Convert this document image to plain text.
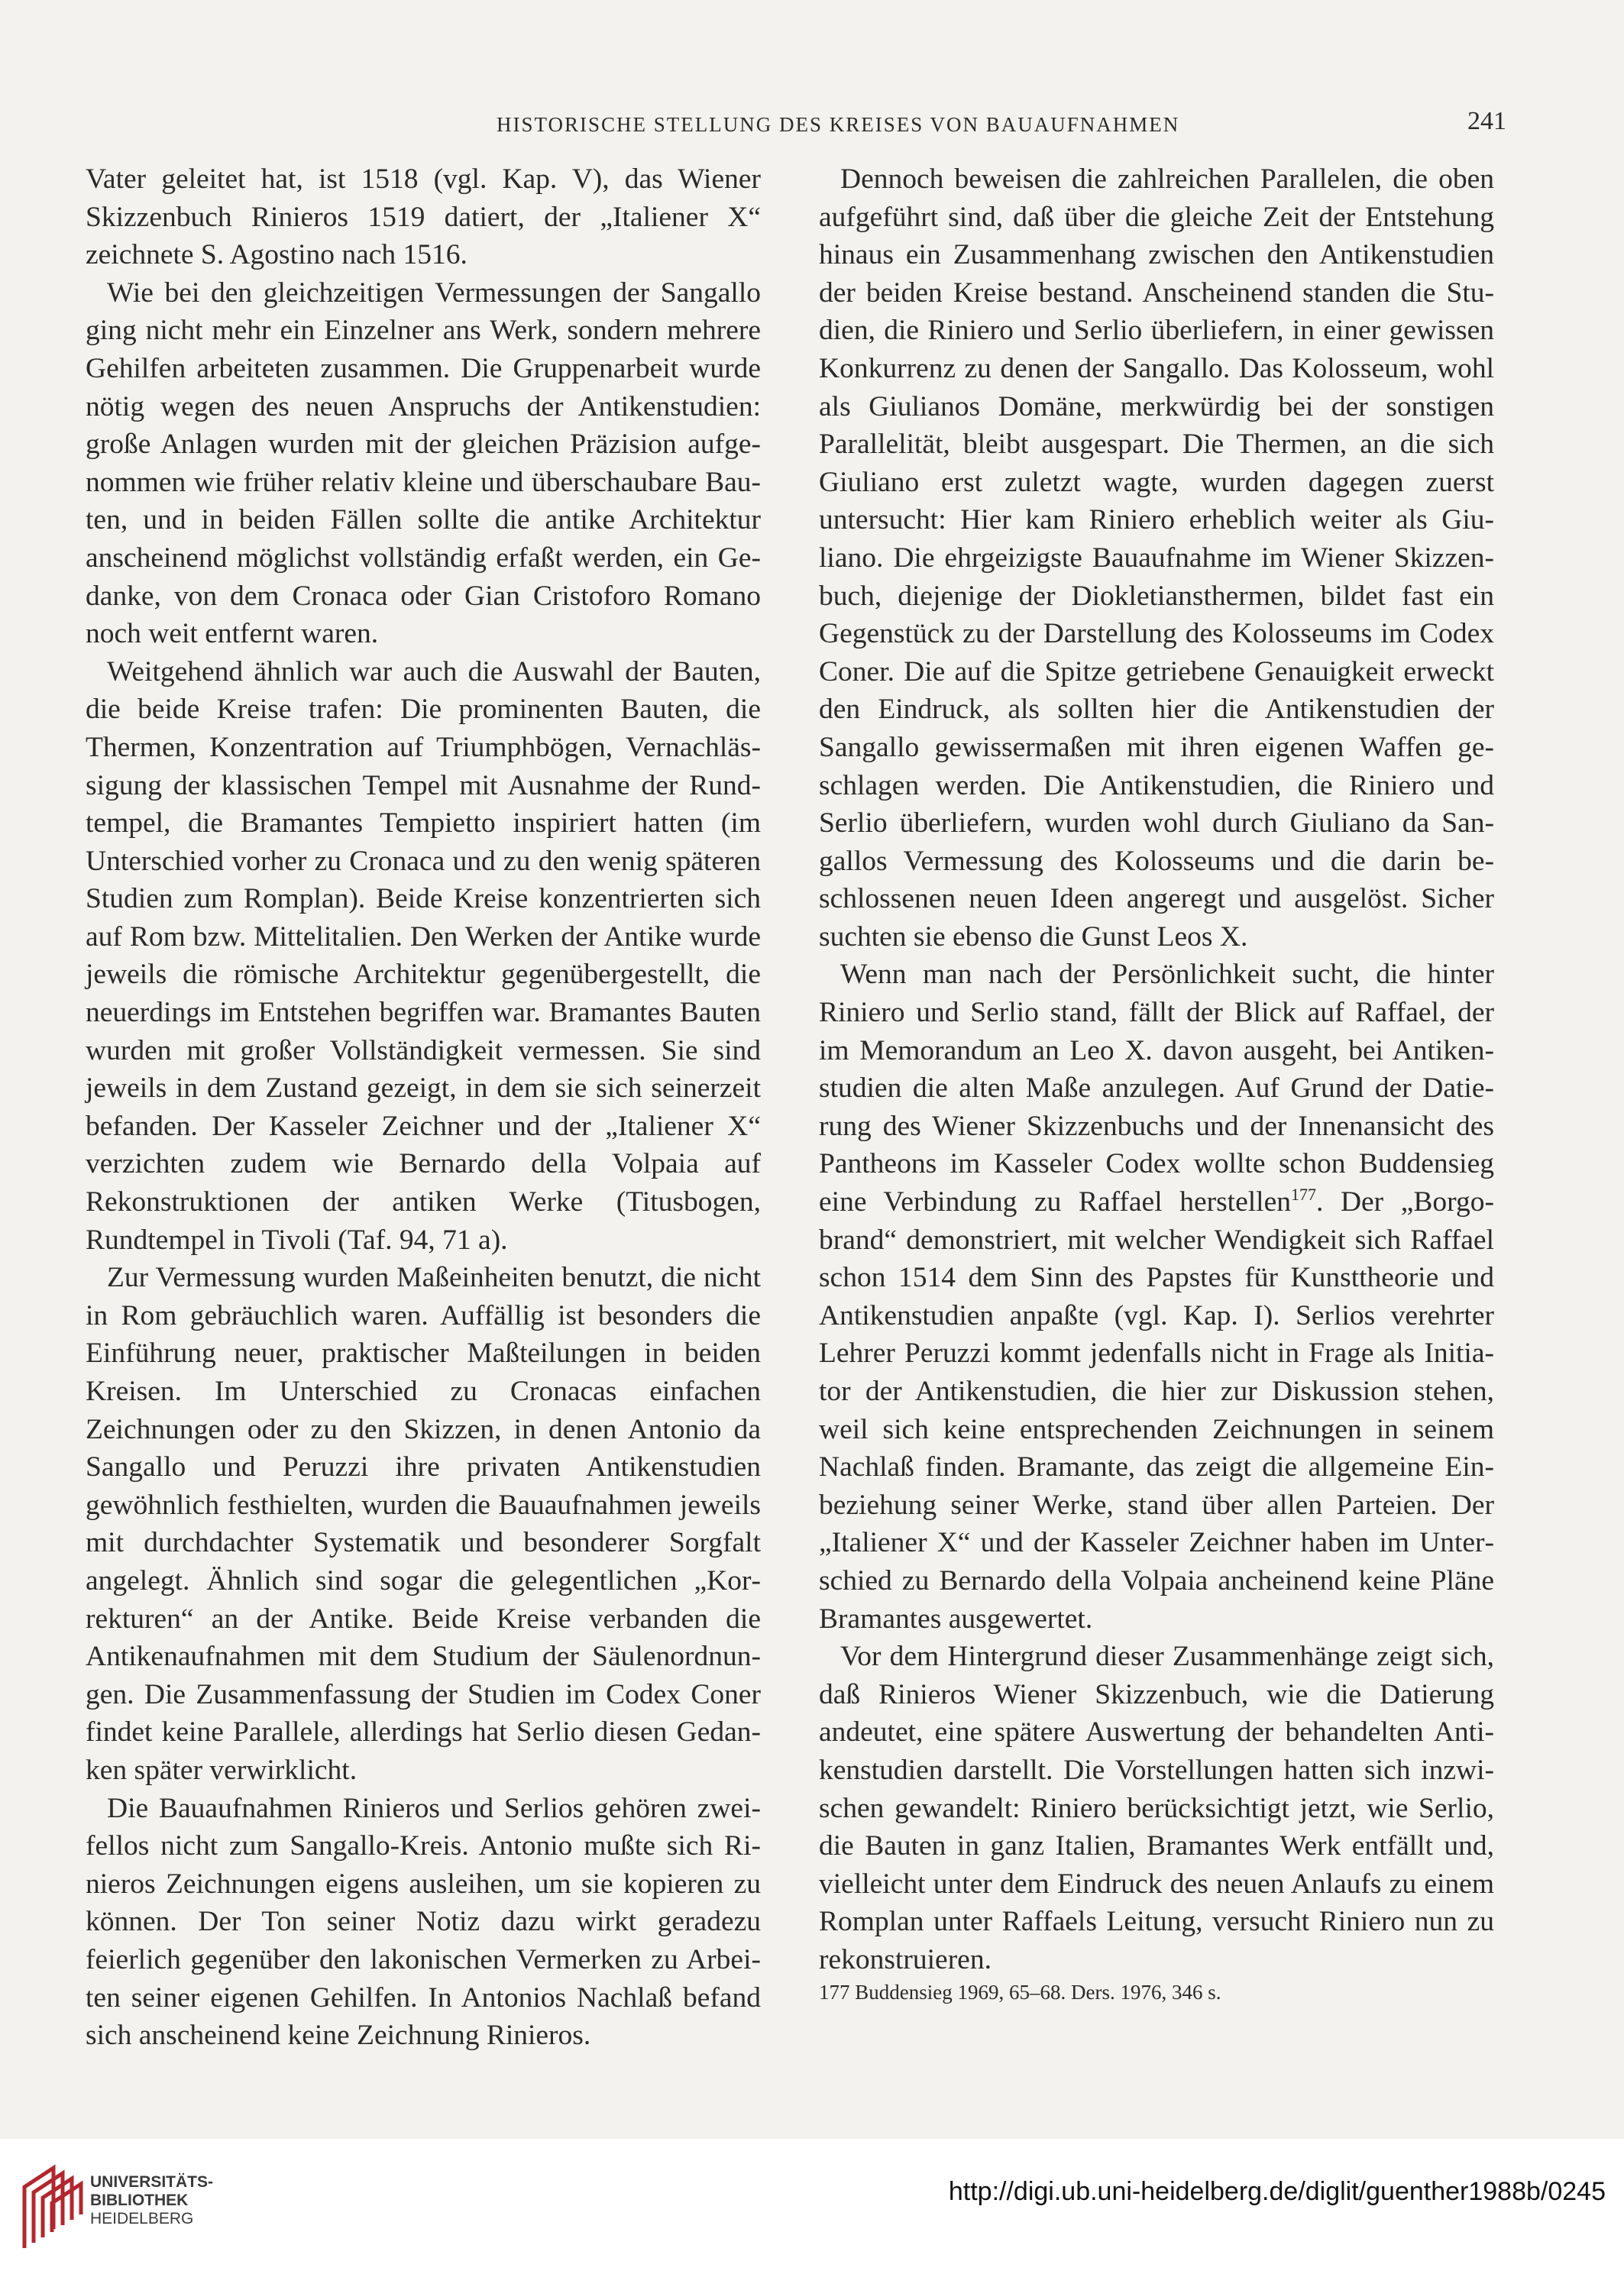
HISTORISCHE STELLUNG DES KREISES VON BAUAUFNAHMEN	241

Vater geleitet hat, ist 1518 (vgl. Kap. V), das Wiener Skizzenbuch Rinieros 1519 datiert, der „Italiener X“ zeichnete S. Agostino nach 1516.

Wie bei den gleichzeitigen Vermessungen der Sangallo ging nicht mehr ein Einzelner ans Werk, sondern mehrere Gehilfen arbeiteten zusammen. Die Gruppenarbeit wurde nötig wegen des neuen Anspruchs der Antikenstudien: große Anlagen wurden mit der gleichen Präzision aufgenommen wie früher relativ kleine und überschaubare Bauten, und in beiden Fällen sollte die antike Architektur anscheinend möglichst vollständig erfaßt werden, ein Gedanke, von dem Cronaca oder Gian Cristoforo Romano noch weit entfernt waren.

Weitgehend ähnlich war auch die Auswahl der Bauten, die beide Kreise trafen: Die prominenten Bauten, die Thermen, Konzentration auf Triumphbögen, Vernachlässigung der klassischen Tempel mit Ausnahme der Rundtempel, die Bramantes Tempietto inspiriert hatten (im Unterschied vorher zu Cronaca und zu den wenig späteren Studien zum Romplan). Beide Kreise konzentrierten sich auf Rom bzw. Mittelitalien. Den Werken der Antike wurde jeweils die römische Architektur gegenübergestellt, die neuerdings im Entstehen begriffen war. Bramantes Bauten wurden mit großer Vollständigkeit vermessen. Sie sind jeweils in dem Zustand gezeigt, in dem sie sich seinerzeit befanden. Der Kasseler Zeichner und der „Italiener X“ verzichten zudem wie Bernardo della Volpaia auf Rekonstruktionen der antiken Werke (Titusbogen, Rundtempel in Tivoli (Taf. 94, 71 a).

Zur Vermessung wurden Maßeinheiten benutzt, die nicht in Rom gebräuchlich waren. Auffällig ist besonders die Einführung neuer, praktischer Maßteilungen in beiden Kreisen. Im Unterschied zu Cronacas einfachen Zeichnungen oder zu den Skizzen, in denen Antonio da Sangallo und Peruzzi ihre privaten Antikenstudien gewöhnlich festhielten, wurden die Bauaufnahmen jeweils mit durchdachter Systematik und besonderer Sorgfalt angelegt. Ähnlich sind sogar die gelegentlichen „Korrekturen“ an der Antike. Beide Kreise verbanden die Antikenaufnahmen mit dem Studium der Säulenordnungen. Die Zusammenfassung der Studien im Codex Coner findet keine Parallele, allerdings hat Serlio diesen Gedanken später verwirklicht.

Die Bauaufnahmen Rinieros und Serlios gehören zweifellos nicht zum Sangallo-Kreis. Antonio mußte sich Rinieros Zeichnungen eigens ausleihen, um sie kopieren zu können. Der Ton seiner Notiz dazu wirkt geradezu feierlich gegenüber den lakonischen Vermerken zu Arbeiten seiner eigenen Gehilfen. In Antonios Nachlaß befand sich anscheinend keine Zeichnung Rinieros.

Dennoch beweisen die zahlreichen Parallelen, die oben aufgeführt sind, daß über die gleiche Zeit der Entstehung hinaus ein Zusammenhang zwischen den Antikenstudien der beiden Kreise bestand. Anscheinend standen die Studien, die Riniero und Serlio überliefern, in einer gewissen Konkurrenz zu denen der Sangallo. Das Kolosseum, wohl als Giulianos Domäne, merkwürdig bei der sonstigen Parallelität, bleibt ausgespart. Die Thermen, an die sich Giuliano erst zuletzt wagte, wurden dagegen zuerst untersucht: Hier kam Riniero erheblich weiter als Giuliano. Die ehrgeizigste Bauaufnahme im Wiener Skizzenbuch, diejenige der Diokletiansthermen, bildet fast ein Gegenstück zu der Darstellung des Kolosseums im Codex Coner. Die auf die Spitze getriebene Genauigkeit erweckt den Eindruck, als sollten hier die Antikenstudien der Sangallo gewissermaßen mit ihren eigenen Waffen geschlagen werden. Die Antikenstudien, die Riniero und Serlio überliefern, wurden wohl durch Giuliano da Sangallos Vermessung des Kolosseums und die darin beschlossenen neuen Ideen angeregt und ausgelöst. Sicher suchten sie ebenso die Gunst Leos X.

Wenn man nach der Persönlichkeit sucht, die hinter Riniero und Serlio stand, fällt der Blick auf Raffael, der im Memorandum an Leo X. davon ausgeht, bei Antikenstudien die alten Maße anzulegen. Auf Grund der Datierung des Wiener Skizzenbuchs und der Innenansicht des Pantheons im Kasseler Codex wollte schon Buddensieg eine Verbindung zu Raffael herstellen$^{177}$. Der „Borgobrand“ demonstriert, mit welcher Wendigkeit sich Raffael schon 1514 dem Sinn des Papstes für Kunsttheorie und Antikenstudien anpaßte (vgl. Kap. I). Serlios verehrter Lehrer Peruzzi kommt jedenfalls nicht in Frage als Initiator der Antikenstudien, die hier zur Diskussion stehen, weil sich keine entsprechenden Zeichnungen in seinem Nachlaß finden. Bramante, das zeigt die allgemeine Einbeziehung seiner Werke, stand über allen Parteien. Der „Italiener X“ und der Kasseler Zeichner haben im Unterschied zu Bernardo della Volpaia ancheinend keine Pläne Bramantes ausgewertet.

Vor dem Hintergrund dieser Zusammenhänge zeigt sich, daß Rinieros Wiener Skizzenbuch, wie die Datierung andeutet, eine spätere Auswertung der behandelten Antikenstudien darstellt. Die Vorstellungen hatten sich inzwischen gewandelt: Riniero berücksichtigt jetzt, wie Serlio, die Bauten in ganz Italien, Bramantes Werk entfällt und, vielleicht unter dem Eindruck des neuen Anlaufs zu einem Romplan unter Raffaels Leitung, versucht Riniero nun zu rekonstruieren.

177 Buddensieg 1969, 65–68. Ders. 1976, 346 s.

UNIVERSITÄTS-
BIBLIOTHEK
HEIDELBERG
http://digi.ub.uni-heidelberg.de/diglit/guenther1988b/0245
